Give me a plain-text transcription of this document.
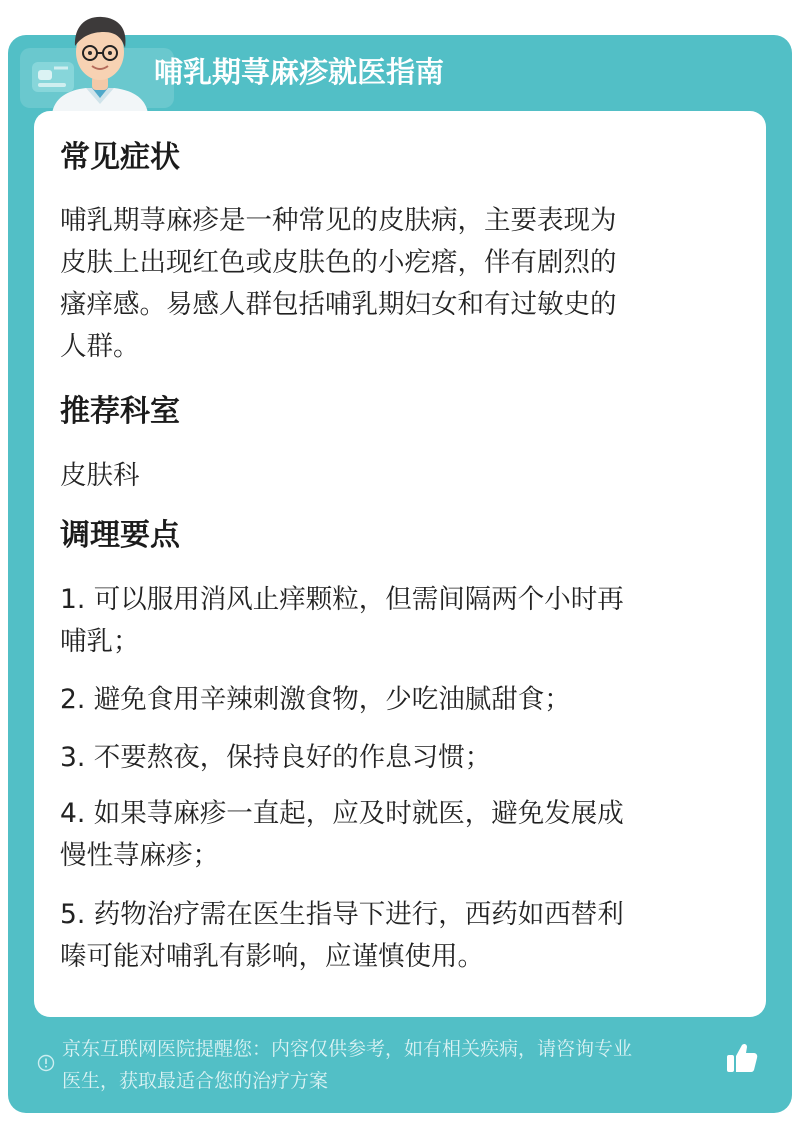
哺乳期荨麻疹就医指南
常见症状
哺乳期荨麻疹是一种常见的皮肤病，主要表现为
皮肤上出现红色或皮肤色的小疙瘩，伴有剧烈的
瘙痒感。易感人群包括哺乳期妇女和有过敏史的
人群。
推荐科室
皮肤科
调理要点
1. 可以服用消风止痒颗粒，但需间隔两个小时再
哺乳；
2. 避免食用辛辣刺激食物，少吃油腻甜食；
3. 不要熬夜，保持良好的作息习惯；
4. 如果荨麻疹一直起，应及时就医，避免发展成
慢性荨麻疹；
5. 药物治疗需在医生指导下进行，西药如西替利
嗪可能对哺乳有影响，应谨慎使用。
京东互联网医院提醒您：内容仅供参考，如有相关疾病，请咨询专业
医生，获取最适合您的治疗方案
